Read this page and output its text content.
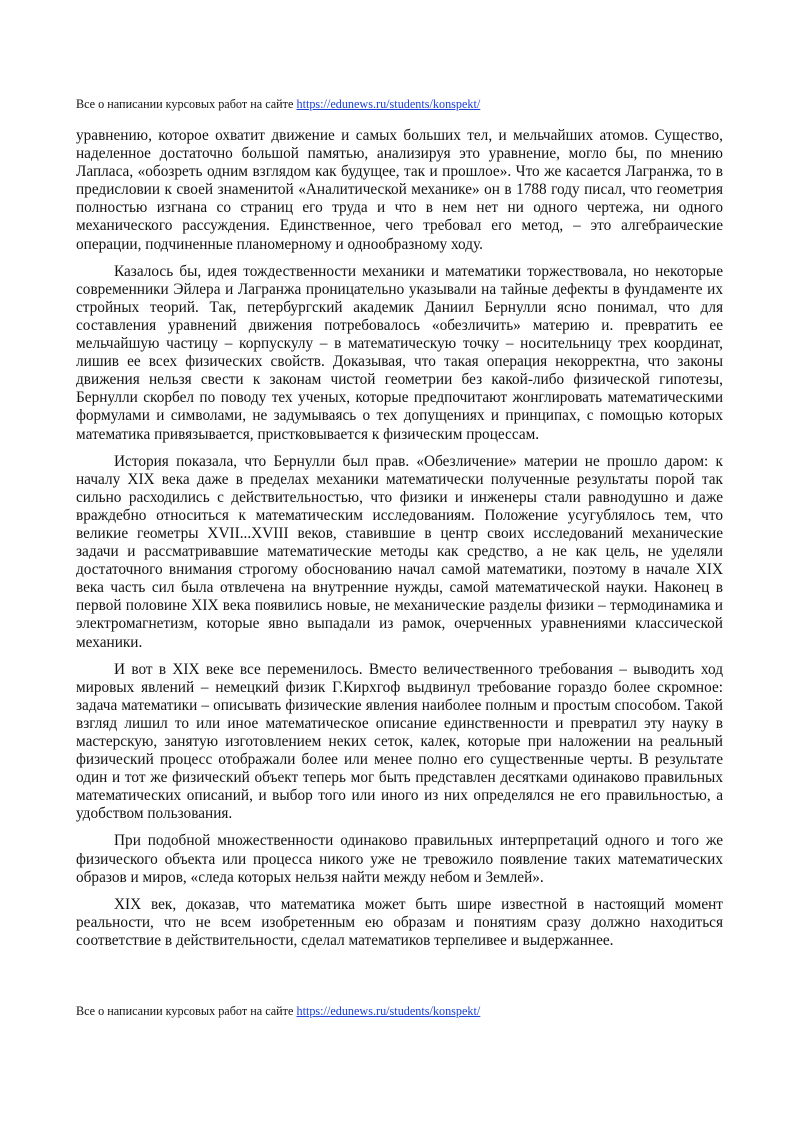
Все о написании курсовых работ на сайте https://edunews.ru/students/konspekt/

уравнению, которое охватит движение и самых больших тел, и мельчайших атомов. Существо, наделенное достаточно большой памятью, анализируя это уравнение, могло бы, по мнению Лапласа, «обозреть одним взглядом как будущее, так и прошлое». Что же касается Лагранжа, то в предисловии к своей знаменитой «Аналитической механике» он в 1788 году писал, что геометрия полностью изгнана со страниц его труда и что в нем нет ни одного чертежа, ни одного механического рассуждения. Единственное, чего требовал его метод, – это алгебраические операции, подчиненные планомерному и однообразному ходу.

Казалось бы, идея тождественности механики и математики торжествовала, но некоторые современники Эйлера и Лагранжа проницательно указывали на тайные дефекты в фундаменте их стройных теорий. Так, петербургский академик Даниил Бернулли ясно понимал, что для составления уравнений движения потребовалось «обезличить» материю и. превратить ее мельчайшую частицу – корпускулу – в математическую точку – носительницу трех координат, лишив ее всех физических свойств. Доказывая, что такая операция некорректна, что законы движения нельзя свести к законам чистой геометрии без какой-либо физической гипотезы, Бернулли скорбел по поводу тех ученых, которые предпочитают жонглировать математическими формулами и символами, не задумываясь о тех допущениях и принципах, с помощью которых математика привязывается, пристковывается к физическим процессам.

История показала, что Бернулли был прав. «Обезличение» материи не прошло даром: к началу XIX века даже в пределах механики математически полученные результаты порой так сильно расходились с действительностью, что физики и инженеры стали равнодушно и даже враждебно относиться к математическим исследованиям. Положение усугублялось тем, что великие геометры XVII...XVIII веков, ставившие в центр своих исследований механические задачи и рассматривавшие математические методы как средство, а не как цель, не уделяли достаточного внимания строгому обоснованию начал самой математики, поэтому в начале XIX века часть сил была отвлечена на внутренние нужды, самой математической науки. Наконец в первой половине XIX века появились новые, не механические разделы физики – термодинамика и электромагнетизм, которые явно выпадали из рамок, очерченных уравнениями классической механики.

И вот в XIX веке все переменилось. Вместо величественного требования – выводить ход мировых явлений – немецкий физик Г.Кирхгоф выдвинул требование гораздо более скромное: задача математики – описывать физические явления наиболее полным и простым способом. Такой взгляд лишил то или иное математическое описание единственности и превратил эту науку в мастерскую, занятую изготовлением неких сеток, калек, которые при наложении на реальный физический процесс отображали более или менее полно его существенные черты. В результате один и тот же физический объект теперь мог быть представлен десятками одинаково правильных математических описаний, и выбор того или иного из них определялся не его правильностью, а удобством пользования.

При подобной множественности одинаково правильных интерпретаций одного и того же физического объекта или процесса никого уже не тревожило появление таких математических образов и миров, «следа которых нельзя найти между небом и Землей».

XIX век, доказав, что математика может быть шире известной в настоящий момент реальности, что не всем изобретенным ею образам и понятиям сразу должно находиться соответствие в действительности, сделал математиков терпеливее и выдержаннее.

Все о написании курсовых работ на сайте https://edunews.ru/students/konspekt/
